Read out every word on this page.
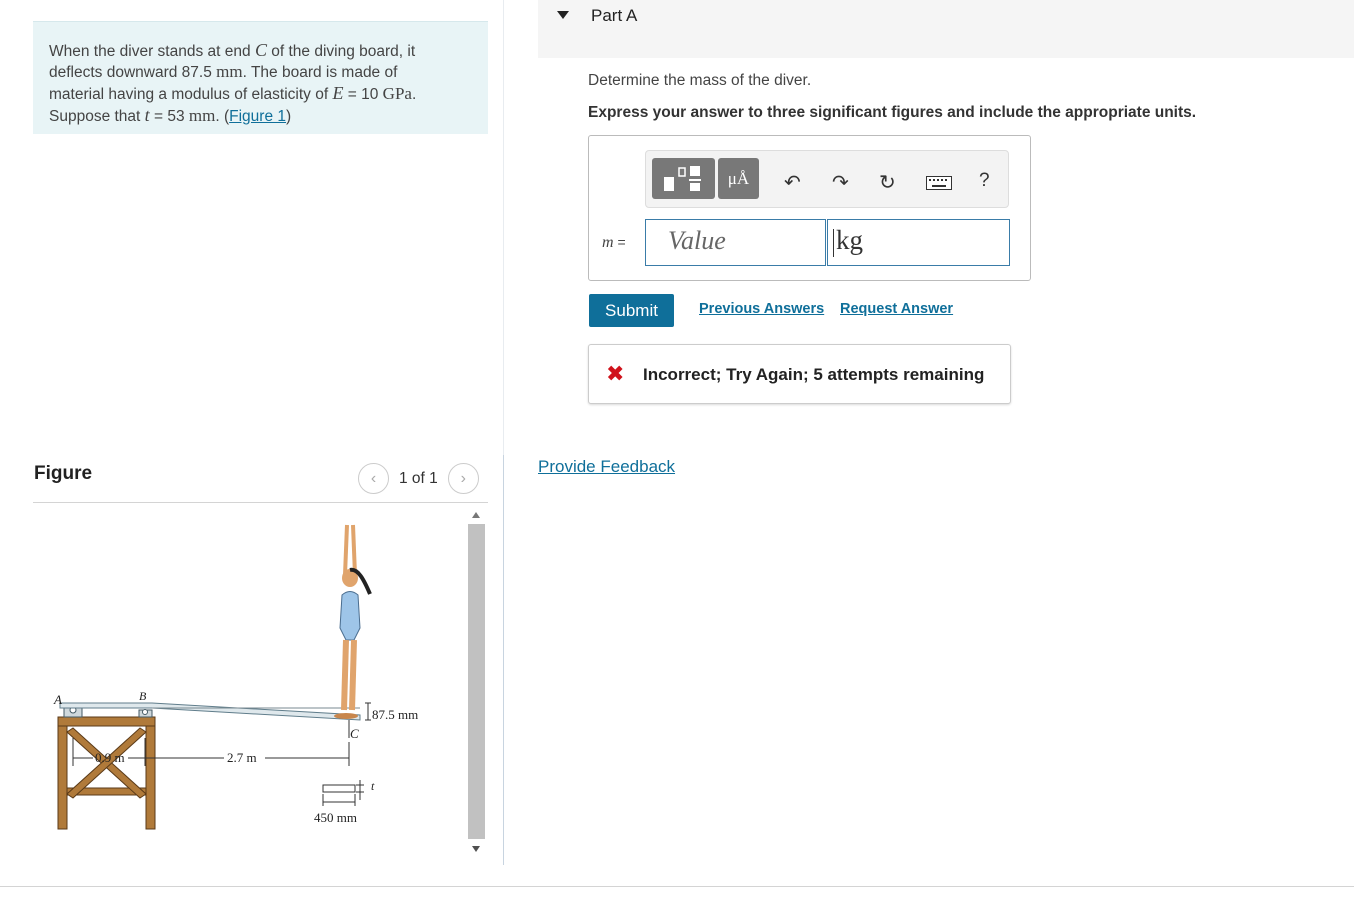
When the diver stands at end C of the diving board, it
deflects downward 87.5 mm. The board is made of
material having a modulus of elasticity of E = 10 GPa.
Suppose that t = 53 mm. (Figure 1)
Figure	‹ 1 of 1 ›
87.5 mm
A	B
C
0.9 m	2.7 m
t
450 mm
Part A
Determine the mass of the diver.
Express your answer to three significant figures and include the appropriate units.
μÅ ↶ ↷ ↻	?
m =	Value	kg
Submit	Previous Answers Request Answer
✖ Incorrect; Try Again; 5 attempts remaining
Provide Feedback
